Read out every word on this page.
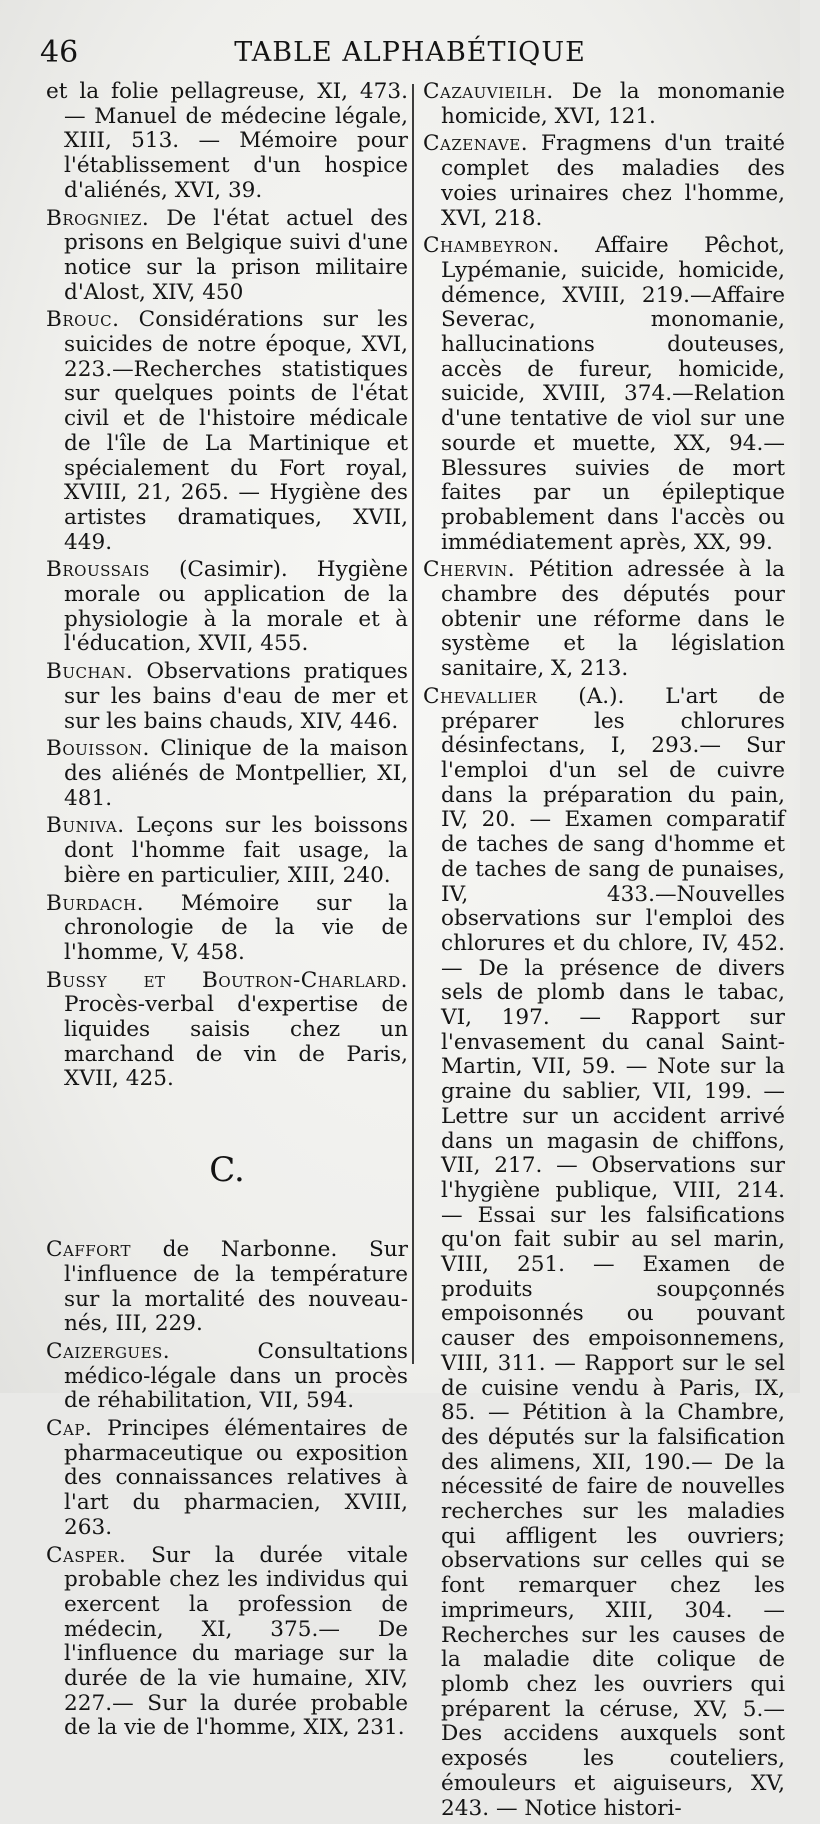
46	TABLE ALPHABÉTIQUE

et la folie pellagreuse, XI, 473. — Manuel de médecine légale, XIII, 513. — Mémoire pour l'établissement d'un hospice d'aliénés, XVI, 39.

Brogniez. De l'état actuel des prisons en Belgique suivi d'une notice sur la prison militaire d'Alost, XIV, 450

Brouc. Considérations sur les suicides de notre époque, XVI, 223.—Recherches statistiques sur quelques points de l'état civil et de l'histoire médicale de l'île de La Martinique et spécialement du Fort royal, XVIII, 21, 265. — Hygiène des artistes dramatiques, XVII, 449.

Broussais (Casimir). Hygiène morale ou application de la physiologie à la morale et à l'éducation, XVII, 455.

Buchan. Observations pratiques sur les bains d'eau de mer et sur les bains chauds, XIV, 446.

Bouisson. Clinique de la maison des aliénés de Montpellier, XI, 481.

Buniva. Leçons sur les boissons dont l'homme fait usage, la bière en particulier, XIII, 240.

Burdach. Mémoire sur la chronologie de la vie de l'homme, V, 458.

Bussy et Boutron-Charlard. Procès-verbal d'expertise de liquides saisis chez un marchand de vin de Paris, XVII, 425.

C.

Caffort de Narbonne. Sur l'influence de la température sur la mortalité des nouveau-nés, III, 229.

Caizergues.	Consultations médico-légale dans un procès de réhabilitation, VII, 594.

Cap. Principes élémentaires de pharmaceutique ou exposition des connaissances relatives à l'art du pharmacien, XVIII, 263.

Casper. Sur la durée vitale probable chez les individus qui exercent la profession de médecin, XI, 375.— De l'influence du mariage sur la durée de la vie humaine, XIV, 227.— Sur la durée probable de la vie de l'homme, XIX, 231.

Cazauvieilh. De la monomanie homicide, XVI, 121.

Cazenave. Fragmens d'un traité complet des maladies des voies urinaires chez l'homme, XVI, 218.

Chambeyron. Affaire Pêchot, Lypémanie, suicide, homicide, démence, XVIII, 219.—Affaire Severac, monomanie, hallucinations douteuses, accès de fureur, homicide, suicide, XVIII, 374.—Relation d'une tentative de viol sur une sourde et muette, XX, 94.— Blessures suivies de mort faites par un épileptique probablement dans l'accès ou immédiatement après, XX, 99.

Chervin. Pétition adressée à la chambre des députés pour obtenir une réforme dans le système et la législation sanitaire, X, 213.

Chevallier (A.). L'art de préparer les chlorures désinfectans, I, 293.— Sur l'emploi d'un sel de cuivre dans la préparation du pain, IV, 20. — Examen comparatif de taches de sang d'homme et de taches de sang de punaises, IV, 433.—Nouvelles observations sur l'emploi des chlorures et du chlore, IV, 452.— De la présence de divers sels de plomb dans le tabac, VI, 197. — Rapport sur l'envasement du canal Saint-Martin, VII, 59. — Note sur la graine du sablier, VII, 199. — Lettre sur un accident arrivé dans un magasin de chiffons, VII, 217. — Observations sur l'hygiène publique, VIII, 214. — Essai sur les falsifications qu'on fait subir au sel marin, VIII, 251. — Examen de produits soupçonnés empoisonnés ou pouvant causer des empoisonnemens, VIII, 311. — Rapport sur le sel de cuisine vendu à Paris, IX, 85. — Pétition à la Chambre, des députés sur la falsification des alimens, XII, 190.— De la nécessité de faire de nouvelles recherches sur les maladies qui affligent les ouvriers; observations sur celles qui se font remarquer chez les imprimeurs, XIII, 304. —Recherches sur les causes de la maladie dite colique de plomb chez les ouvriers qui préparent la céruse, XV, 5.— Des accidens auxquels sont exposés les couteliers, émouleurs et aiguiseurs, XV, 243. — Notice histori-
